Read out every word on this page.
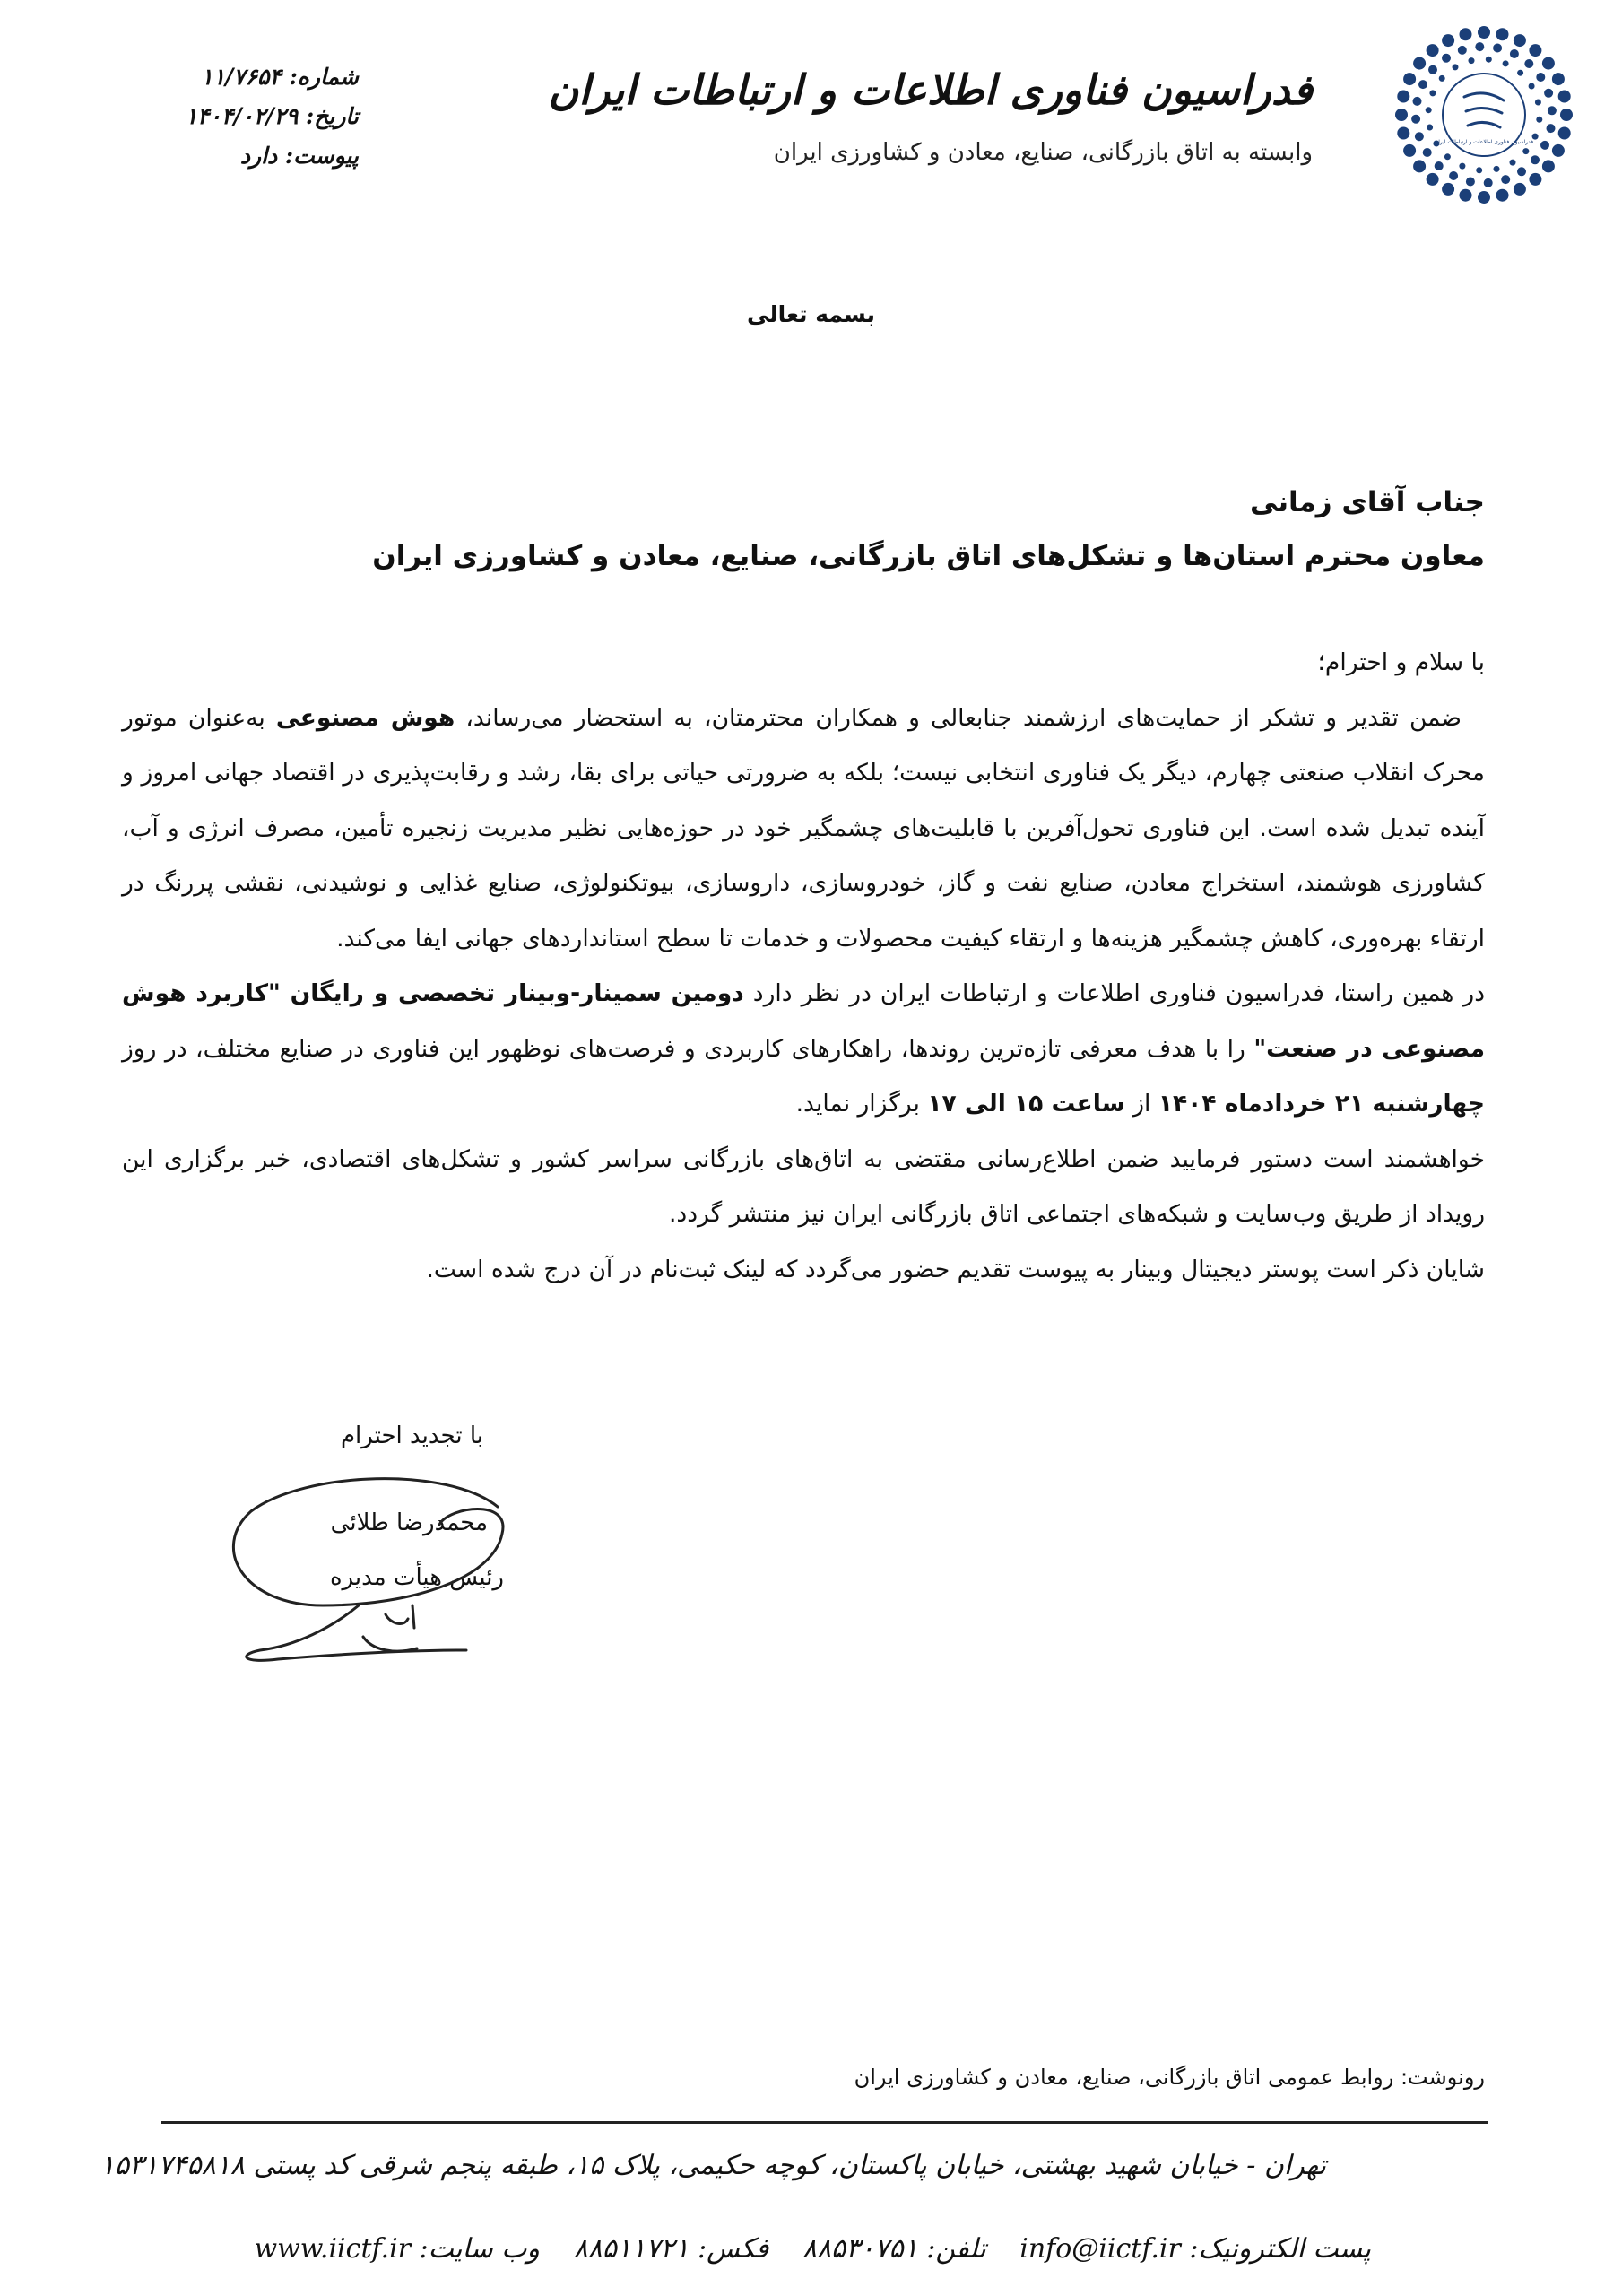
فدراسیون فناوری اطلاعات و ارتباطات ایران
فدراسیون فناوری اطلاعات و ارتباطات ایران
وابسته به اتاق بازرگانی، صنایع، معادن و کشاورزی ایران
شماره: ۱۱/۷۶۵۴
تاریخ: ۱۴۰۴/۰۲/۲۹
پیوست: دارد
بسمه تعالی
جناب آقای زمانی
معاون محترم استان‌ها و تشکل‌های اتاق بازرگانی، صنایع، معادن و کشاورزی ایران

با سلام و احترام؛

ضمن تقدیر و تشکر از حمایت‌های ارزشمند جنابعالی و همکاران محترمتان، به استحضار می‌رساند، هوش مصنوعی به‌عنوان موتور محرک انقلاب صنعتی چهارم، دیگر یک فناوری انتخابی نیست؛ بلکه به ضرورتی حیاتی برای بقا، رشد و رقابت‌پذیری در اقتصاد جهانی امروز و آینده تبدیل شده است. این فناوری تحول‌آفرین با قابلیت‌های چشمگیر خود در حوزه‌هایی نظیر مدیریت زنجیره تأمین، مصرف انرژی و آب، کشاورزی هوشمند، استخراج معادن، صنایع نفت و گاز، خودروسازی، داروسازی، بیوتکنولوژی، صنایع غذایی و نوشیدنی، نقشی پررنگ در ارتقاء بهره‌وری، کاهش چشمگیر هزینه‌ها و ارتقاء کیفیت محصولات و خدمات تا سطح استانداردهای جهانی ایفا می‌کند.

در همین راستا، فدراسیون فناوری اطلاعات و ارتباطات ایران در نظر دارد دومین سمینار-وبینار تخصصی و رایگان "کاربرد هوش مصنوعی در صنعت" را با هدف معرفی تازه‌ترین روندها، راهکارهای کاربردی و فرصت‌های نوظهور این فناوری در صنایع مختلف، در روز چهارشنبه ۲۱ خردادماه ۱۴۰۴ از ساعت ۱۵ الی ۱۷ برگزار نماید.

خواهشمند است دستور فرمایید ضمن اطلاع‌رسانی مقتضی به اتاق‌های بازرگانی سراسر کشور و تشکل‌های اقتصادی، خبر برگزاری این رویداد از طریق وب‌سایت و شبکه‌های اجتماعی اتاق بازرگانی ایران نیز منتشر گردد.

شایان ذکر است پوستر دیجیتال وبینار به پیوست تقدیم حضور می‌گردد که لینک ثبت‌نام در آن درج شده است.

با تجدید احترام
محمدرضا طلائی
رئیس هیأت مدیره
رونوشت: روابط عمومی اتاق بازرگانی، صنایع، معادن و کشاورزی ایران
تهران - خیابان شهید بهشتی، خیابان پاکستان، کوچه حکیمی، پلاک ۱۵، طبقه پنجم شرقی کد پستی ۱۵۳۱۷۴۵۸۱۸
پست الکترونیک: info@iictf.ir تلفن: ۸۸۵۳۰۷۵۱ فکس: ۸۸۵۱۱۷۲۱ وب سایت: www.iictf.ir
